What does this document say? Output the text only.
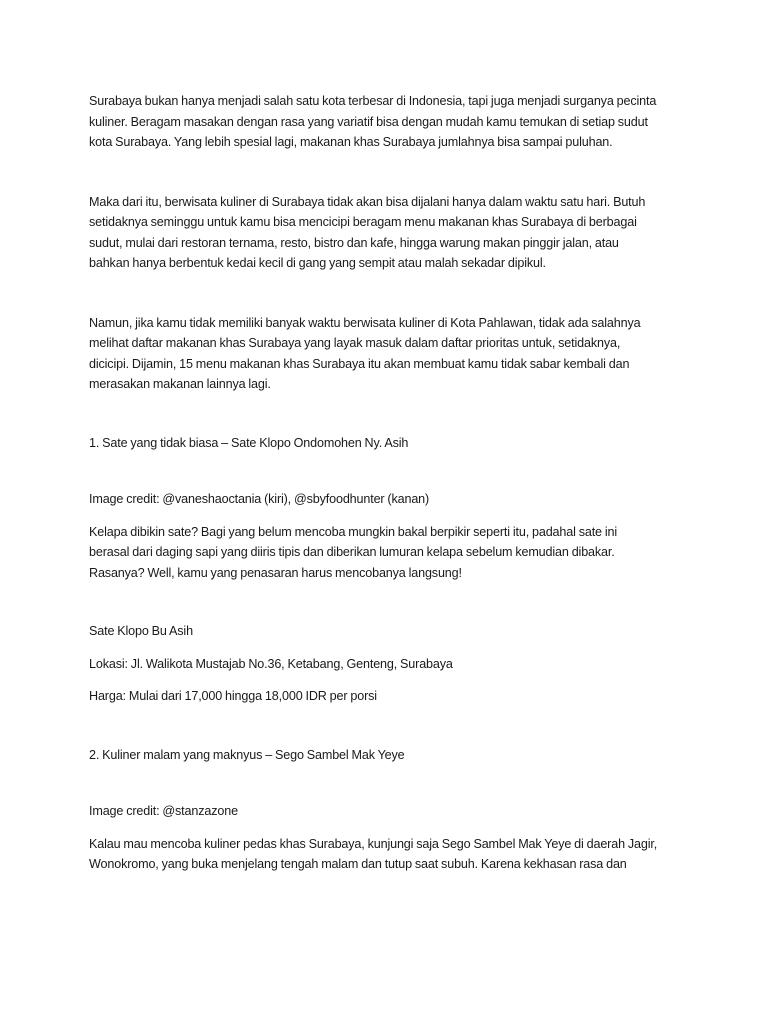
Surabaya bukan hanya menjadi salah satu kota terbesar di Indonesia, tapi juga menjadi surganya pecinta
kuliner. Beragam masakan dengan rasa yang variatif bisa dengan mudah kamu temukan di setiap sudut
kota Surabaya. Yang lebih spesial lagi, makanan khas Surabaya jumlahnya bisa sampai puluhan.

Maka dari itu, berwisata kuliner di Surabaya tidak akan bisa dijalani hanya dalam waktu satu hari. Butuh
setidaknya seminggu untuk kamu bisa mencicipi beragam menu makanan khas Surabaya di berbagai
sudut, mulai dari restoran ternama, resto, bistro dan kafe, hingga warung makan pinggir jalan, atau
bahkan hanya berbentuk kedai kecil di gang yang sempit atau malah sekadar dipikul.

Namun, jika kamu tidak memiliki banyak waktu berwisata kuliner di Kota Pahlawan, tidak ada salahnya
melihat daftar makanan khas Surabaya yang layak masuk dalam daftar prioritas untuk, setidaknya,
dicicipi. Dijamin, 15 menu makanan khas Surabaya itu akan membuat kamu tidak sabar kembali dan
merasakan makanan lainnya lagi.

1. Sate yang tidak biasa – Sate Klopo Ondomohen Ny. Asih

Image credit: @vaneshaoctania (kiri), @sbyfoodhunter (kanan)

Kelapa dibikin sate? Bagi yang belum mencoba mungkin bakal berpikir seperti itu, padahal sate ini
berasal dari daging sapi yang diiris tipis dan diberikan lumuran kelapa sebelum kemudian dibakar.
Rasanya? Well, kamu yang penasaran harus mencobanya langsung!

Sate Klopo Bu Asih

Lokasi: Jl. Walikota Mustajab No.36, Ketabang, Genteng, Surabaya

Harga: Mulai dari 17,000 hingga 18,000 IDR per porsi

2. Kuliner malam yang maknyus – Sego Sambel Mak Yeye

Image credit: @stanzazone

Kalau mau mencoba kuliner pedas khas Surabaya, kunjungi saja Sego Sambel Mak Yeye di daerah Jagir,
Wonokromo, yang buka menjelang tengah malam dan tutup saat subuh. Karena kekhasan rasa dan
